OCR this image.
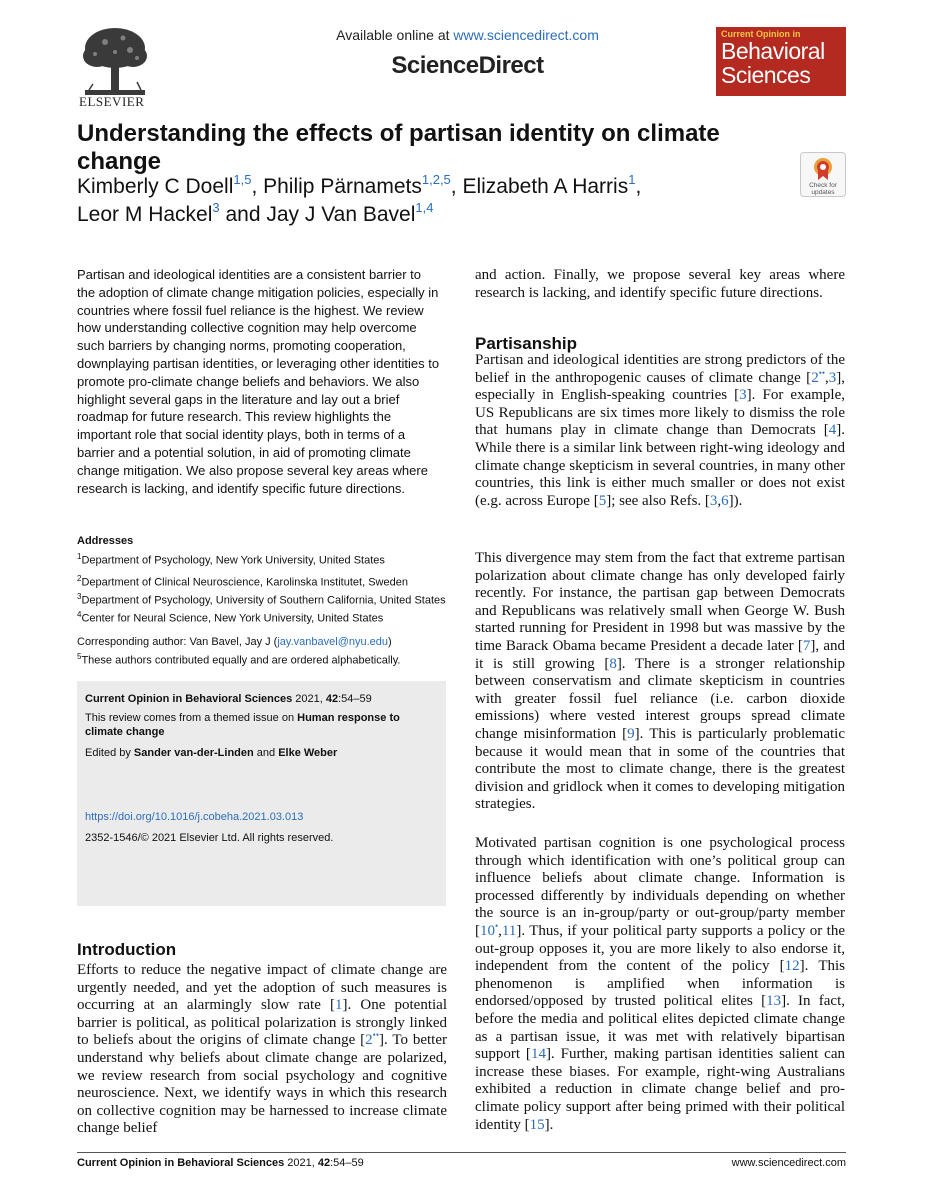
ELSEVIER
Available online at www.sciencedirect.com
ScienceDirect
Current Opinion in
Behavioral
Sciences
Understanding the effects of partisan identity on climate change
Kimberly C Doell$^{1,5}$, Philip Pärnamets$^{1,2,5}$, Elizabeth A Harris$^1$,
Leor M Hackel$^3$ and Jay J Van Bavel$^{1,4}$
Check for
updates
Partisan and ideological identities are a consistent barrier to the adoption of climate change mitigation policies, especially in countries where fossil fuel reliance is the highest. We review how understanding collective cognition may help overcome such barriers by changing norms, promoting cooperation, downplaying partisan identities, or leveraging other identities to promote pro-climate change beliefs and behaviors. We also highlight several gaps in the literature and lay out a brief roadmap for future research. This review highlights the important role that social identity plays, both in terms of a barrier and a potential solution, in aid of promoting climate change mitigation. We also propose several key areas where research is lacking, and identify specific future directions.
Addresses

$^1$Department of Psychology, New York University, United States

$^2$Department of Clinical Neuroscience, Karolinska Institutet, Sweden

$^3$Department of Psychology, University of Southern California, United States

$^4$Center for Neural Science, New York University, United States

Corresponding author: Van Bavel, Jay J (jay.vanbavel@nyu.edu)

$^5$These authors contributed equally and are ordered alphabetically.

Current Opinion in Behavioral Sciences 2021, 42:54–59

This review comes from a themed issue on Human response to climate change

Edited by Sander van-der-Linden and Elke Weber

https://doi.org/10.1016/j.cobeha.2021.03.013

2352-1546/© 2021 Elsevier Ltd. All rights reserved.

Introduction

Efforts to reduce the negative impact of climate change are urgently needed, and yet the adoption of such measures is occurring at an alarmingly slow rate [1]. One potential barrier is political, as political polarization is strongly linked to beliefs about the origins of climate change [2••]. To better understand why beliefs about climate change are polarized, we review research from social psychology and cognitive neuroscience. Next, we identify ways in which this research on collective cognition may be harnessed to increase climate change belief

and action. Finally, we propose several key areas where research is lacking, and identify specific future directions.

Partisanship

Partisan and ideological identities are strong predictors of the belief in the anthropogenic causes of climate change [2••,3], especially in English-speaking countries [3]. For example, US Republicans are six times more likely to dismiss the role that humans play in climate change than Democrats [4]. While there is a similar link between right-wing ideology and climate change skepticism in several countries, in many other countries, this link is either much smaller or does not exist (e.g. across Europe [5]; see also Refs. [3,6]).

This divergence may stem from the fact that extreme partisan polarization about climate change has only developed fairly recently. For instance, the partisan gap between Democrats and Republicans was relatively small when George W. Bush started running for President in 1998 but was massive by the time Barack Obama became President a decade later [7], and it is still growing [8]. There is a stronger relationship between conservatism and climate skepticism in countries with greater fossil fuel reliance (i.e. carbon dioxide emissions) where vested interest groups spread climate change misinformation [9]. This is particularly problematic because it would mean that in some of the countries that contribute the most to climate change, there is the greatest division and gridlock when it comes to developing mitigation strategies.

Motivated partisan cognition is one psychological process through which identification with one’s political group can influence beliefs about climate change. Information is processed differently by individuals depending on whether the source is an in-group/party or out-group/party member [10•,11]. Thus, if your political party supports a policy or the out-group opposes it, you are more likely to also endorse it, independent from the content of the policy [12]. This phenomenon is amplified when information is endorsed/opposed by trusted political elites [13]. In fact, before the media and political elites depicted climate change as a partisan issue, it was met with relatively bipartisan support [14]. Further, making partisan identities salient can increase these biases. For example, right-wing Australians exhibited a reduction in climate change belief and pro-climate policy support after being primed with their political identity [15].

Current Opinion in Behavioral Sciences 2021, 42:54–59	www.sciencedirect.com
